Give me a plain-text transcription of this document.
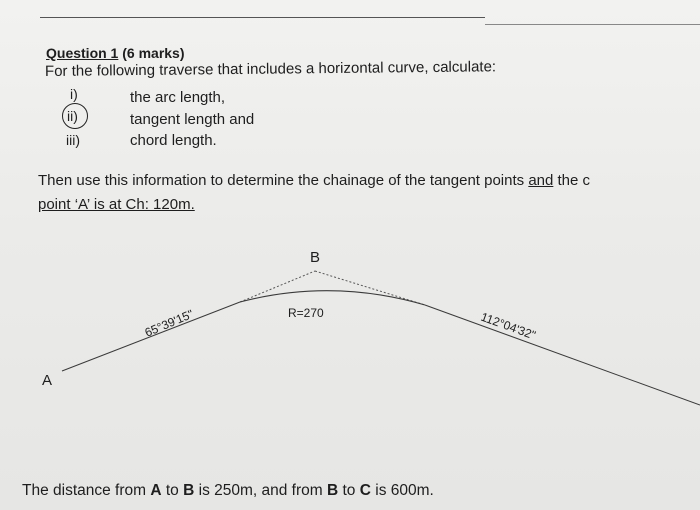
Question 1 (6 marks)
For the following traverse that includes a horizontal curve, calculate:
i)	the arc length,
ii)	tangent length and
iii)	chord length.
Then use this information to determine the chainage of the tangent points and the c
point ‘A’ is at Ch: 120m.
B
A
R=270
65°39'15"	112°04'32"
The distance from A to B is 250m, and from B to C is 600m.
